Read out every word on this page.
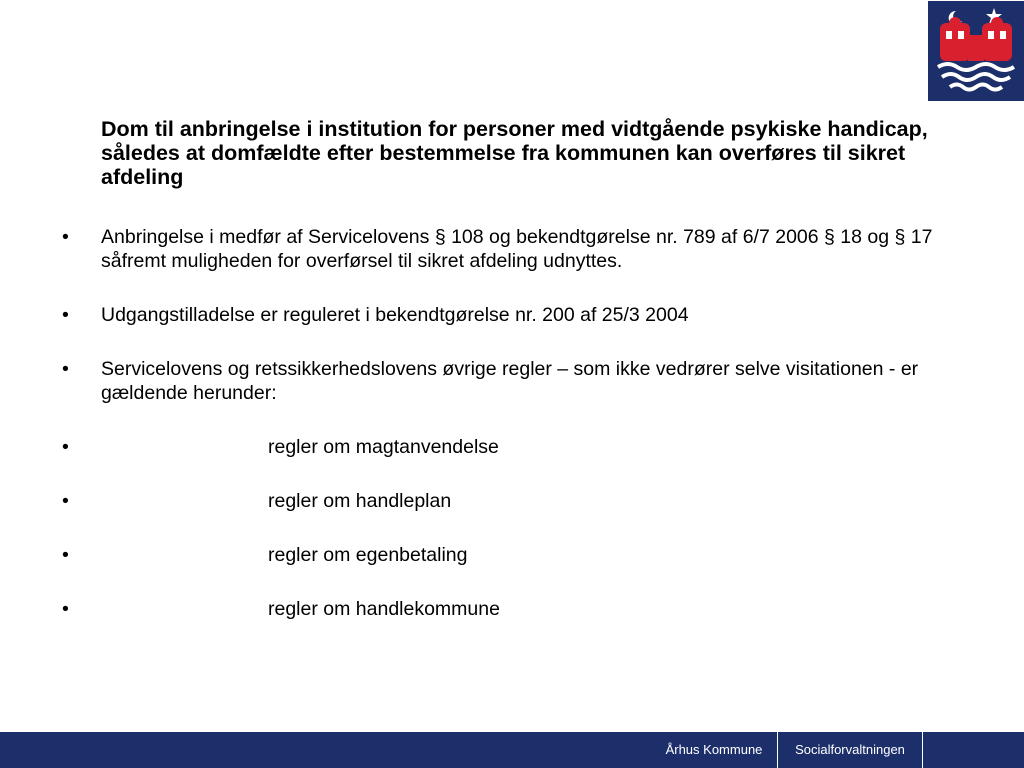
Dom til anbringelse i institution for personer med vidtgående psykiske handicap, således at domfældte efter bestemmelse fra kommunen kan overføres til sikret afdeling
•	Anbringelse i medfør af Servicelovens § 108 og bekendtgørelse nr. 789 af 6/7 2006 § 18 og § 17 såfremt muligheden for overførsel til sikret afdeling udnyttes.
•	Udgangstilladelse er reguleret i bekendtgørelse nr. 200 af 25/3 2004
•	Servicelovens og retssikkerhedslovens øvrige regler – som ikke vedrører selve visitationen - er gældende herunder:
•	regler om magtanvendelse
•	regler om handleplan
•	regler om egenbetaling
•	regler om handlekommune
Århus Kommune	Socialforvaltningen
